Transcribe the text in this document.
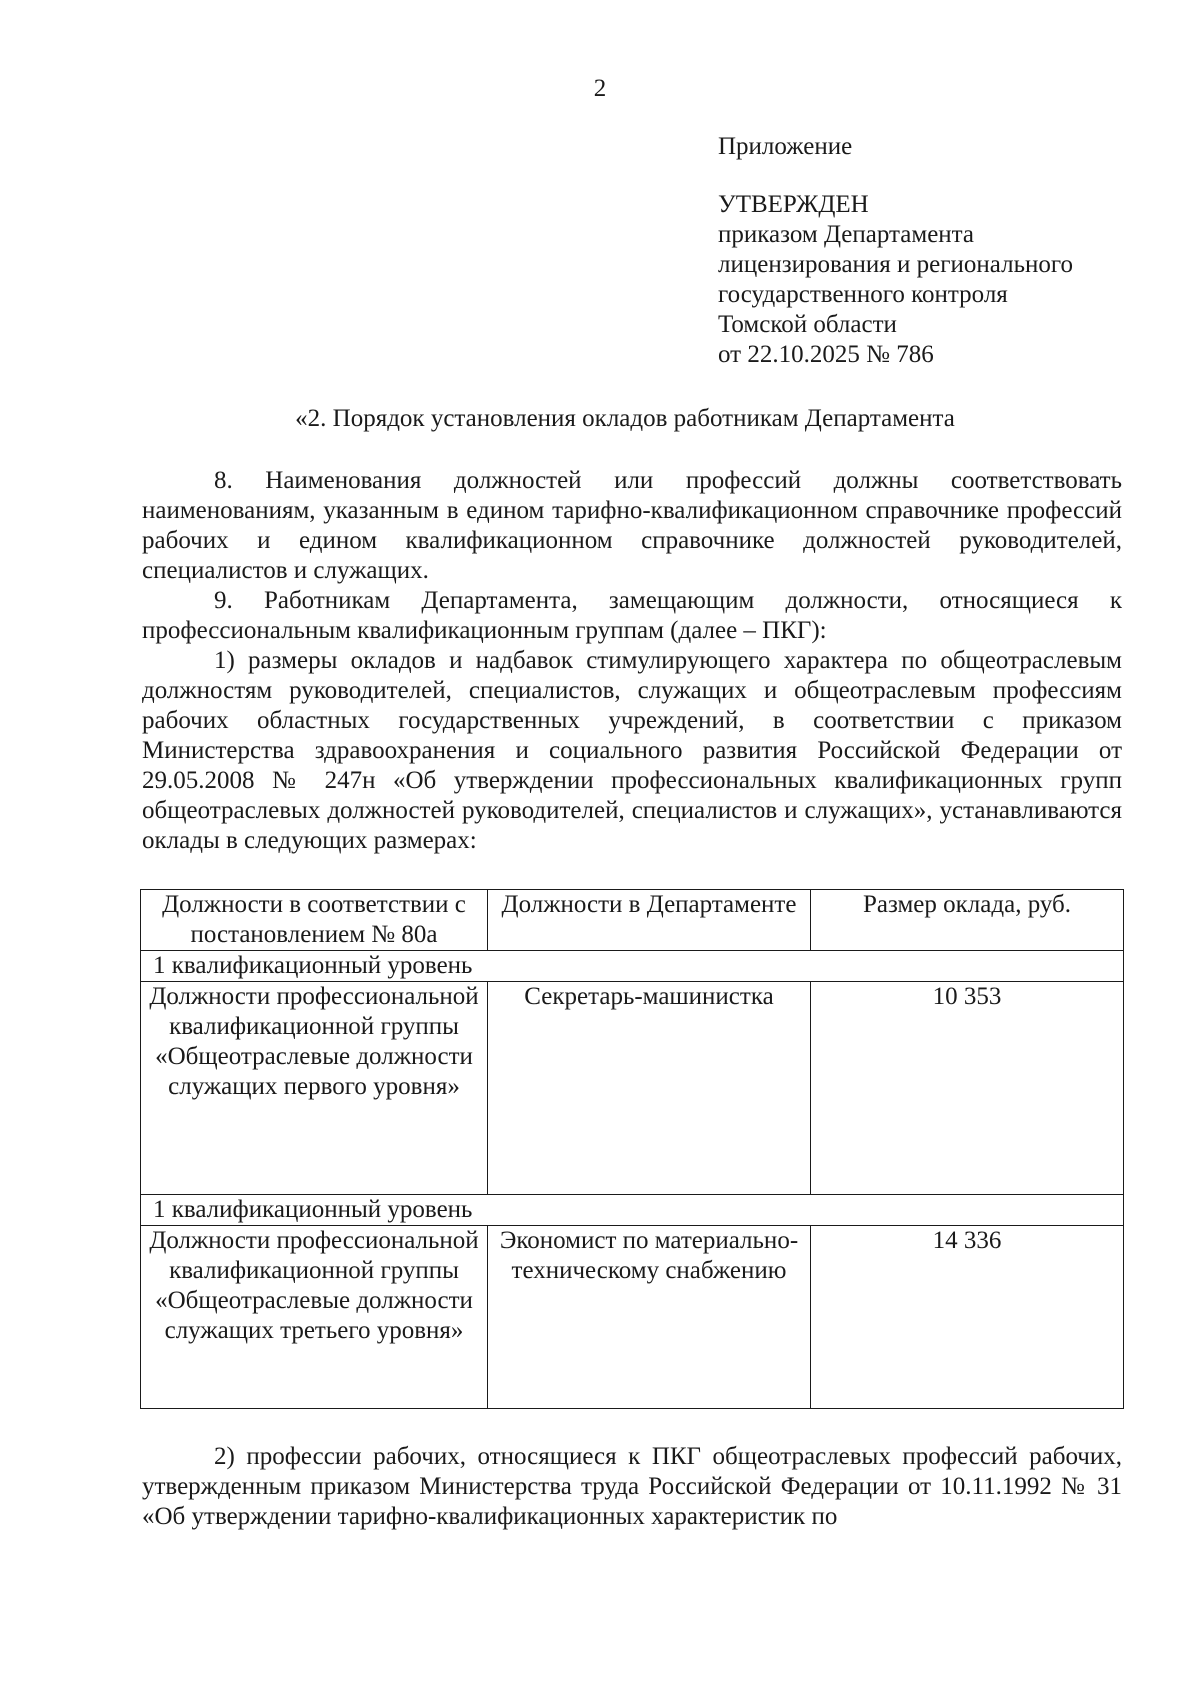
2
Приложение
УТВЕРЖДЕН
приказом Департамента
лицензирования и регионального
государственного контроля
Томской области
от 22.10.2025 № 786
«2. Порядок установления окладов работникам Департамента

8. Наименования должностей или профессий должны соответствовать наименованиям, указанным в едином тарифно-квалификационном справочнике профессий рабочих и едином квалификационном справочнике должностей руководителей, специалистов и служащих.

9. Работникам Департамента, замещающим должности, относящиеся к профессиональным квалификационным группам (далее – ПКГ):

1) размеры окладов и надбавок стимулирующего характера по общеотраслевым должностям руководителей, специалистов, служащих и общеотраслевым профессиям рабочих областных государственных учреждений, в соответствии с приказом Министерства здравоохранения и социального развития Российской Федерации от 29.05.2008 № 247н «Об утверждении профессиональных квалификационных групп общеотраслевых должностей руководителей, специалистов и служащих», устанавливаются оклады в следующих размерах:

Должности в соответствии с постановлением № 80а	Должности в Департаменте	Размер оклада, руб.
1 квалификационный уровень		
Должности профессиональной квалификационной группы «Общеотраслевые должности служащих первого уровня»	Секретарь-машинистка	10 353
1 квалификационный уровень		
Должности профессиональной квалификационной группы «Общеотраслевые должности служащих третьего уровня»	Экономист по материально-техническому снабжению	14 336

2) профессии рабочих, относящиеся к ПКГ общеотраслевых профессий рабочих, утвержденным приказом Министерства труда Российской Федерации от 10.11.1992 № 31 «Об утверждении тарифно-квалификационных характеристик по
